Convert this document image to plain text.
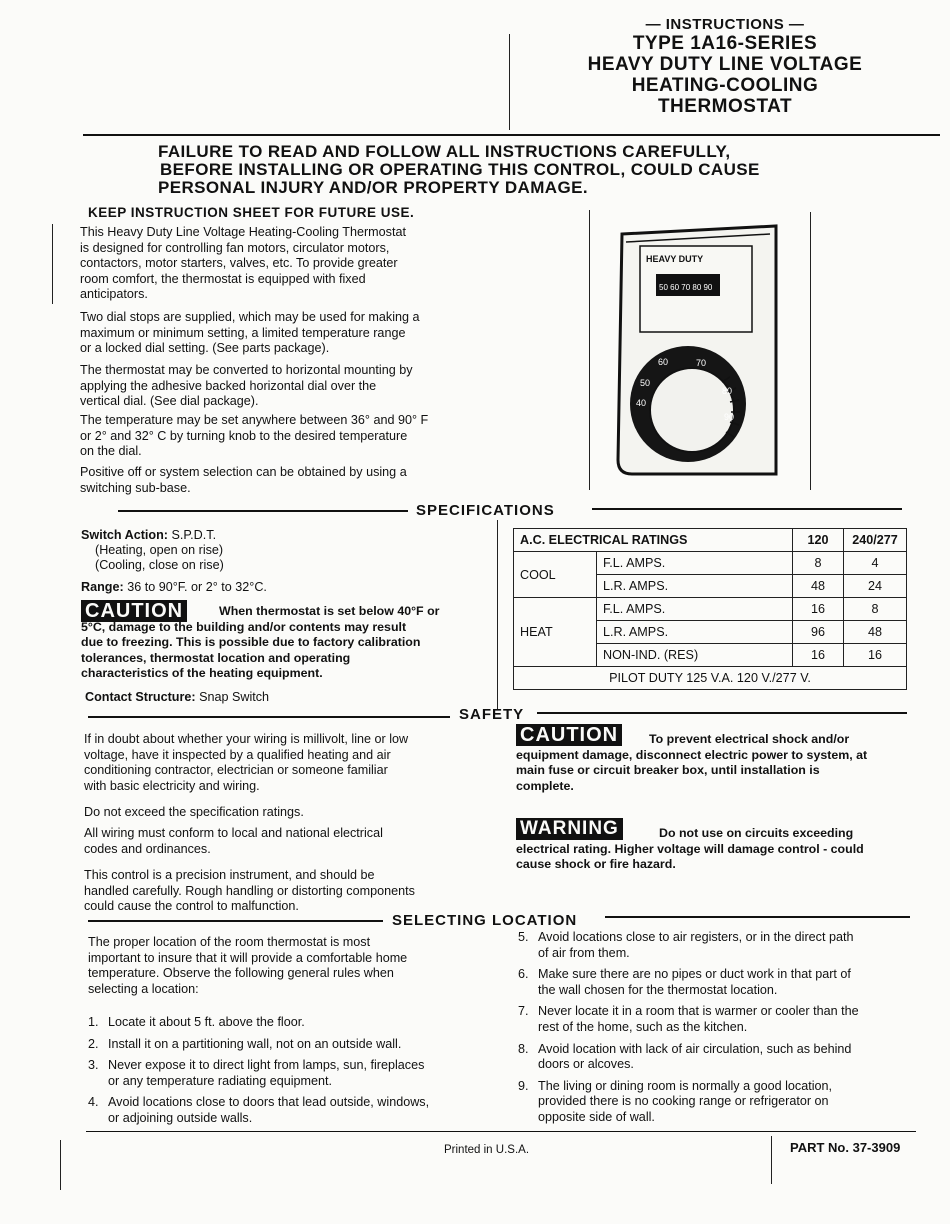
— INSTRUCTIONS —
TYPE 1A16-SERIES
HEAVY DUTY LINE VOLTAGE
HEATING-COOLING
THERMOSTAT
FAILURE TO READ AND FOLLOW ALL INSTRUCTIONS CAREFULLY,
BEFORE INSTALLING OR OPERATING THIS CONTROL, COULD CAUSE
PERSONAL INJURY AND/OR PROPERTY DAMAGE.
KEEP INSTRUCTION SHEET FOR FUTURE USE.
This Heavy Duty Line Voltage Heating-Cooling Thermostat
is designed for controlling fan motors, circulator motors,
contactors, motor starters, valves, etc. To provide greater
room comfort, the thermostat is equipped with fixed
anticipators.
Two dial stops are supplied, which may be used for making a
maximum or minimum setting, a limited temperature range
or a locked dial setting. (See parts package).
The thermostat may be converted to horizontal mounting by
applying the adhesive backed horizontal dial over the
vertical dial. (See dial package).
The temperature may be set anywhere between 36° and 90° F
or 2° and 32° C by turning knob to the desired temperature
on the dial.
Positive off or system selection can be obtained by using a
switching sub-base.
HEAVY DUTY
50 60 70 80 90
60	70
50
80
40
90
SPECIFICATIONS
Switch Action: S.P.D.T.
(Heating, open on rise)
(Cooling, close on rise)
Range: 36 to 90°F. or 2° to 32°C.
CAUTION	When thermostat is set below 40°F or
5°C, damage to the building and/or contents may result
due to freezing. This is possible due to factory calibration
tolerances, thermostat location and operating
characteristics of the heating equipment.
Contact Structure: Snap Switch
A.C. ELECTRICAL RATINGS		120	240/277
COOL	F.L. AMPS.	8	4
	L.R. AMPS.	48	24
HEAT	F.L. AMPS.	16	8
	L.R. AMPS.	96	48
	NON-IND. (RES)	16	16
PILOT DUTY 125 V.A. 120 V./277 V.			
SAFETY
If in doubt about whether your wiring is millivolt, line or low
voltage, have it inspected by a qualified heating and air
conditioning contractor, electrician or someone familiar
with basic electricity and wiring.
Do not exceed the specification ratings.
All wiring must conform to local and national electrical
codes and ordinances.
This control is a precision instrument, and should be
handled carefully. Rough handling or distorting components
could cause the control to malfunction.
CAUTION	To prevent electrical shock and/or
equipment damage, disconnect electric power to system, at
main fuse or circuit breaker box, until installation is
complete.
WARNING	Do not use on circuits exceeding
electrical rating. Higher voltage will damage control - could
cause shock or fire hazard.
SELECTING LOCATION
The proper location of the room thermostat is most
important to insure that it will provide a comfortable home
temperature. Observe the following general rules when
selecting a location:
1. Locate it about 5 ft. above the floor.
2. Install it on a partitioning wall, not on an outside wall.
3. Never expose it to direct light from lamps, sun, fireplaces
or any temperature radiating equipment.
4. Avoid locations close to doors that lead outside, windows,
or adjoining outside walls.
5. Avoid locations close to air registers, or in the direct path
of air from them.
6. Make sure there are no pipes or duct work in that part of
the wall chosen for the thermostat location.
7. Never locate it in a room that is warmer or cooler than the
rest of the home, such as the kitchen.
8. Avoid location with lack of air circulation, such as behind
doors or alcoves.
9. The living or dining room is normally a good location,
provided there is no cooking range or refrigerator on
opposite side of wall.
Printed in U.S.A.	PART No. 37-3909
